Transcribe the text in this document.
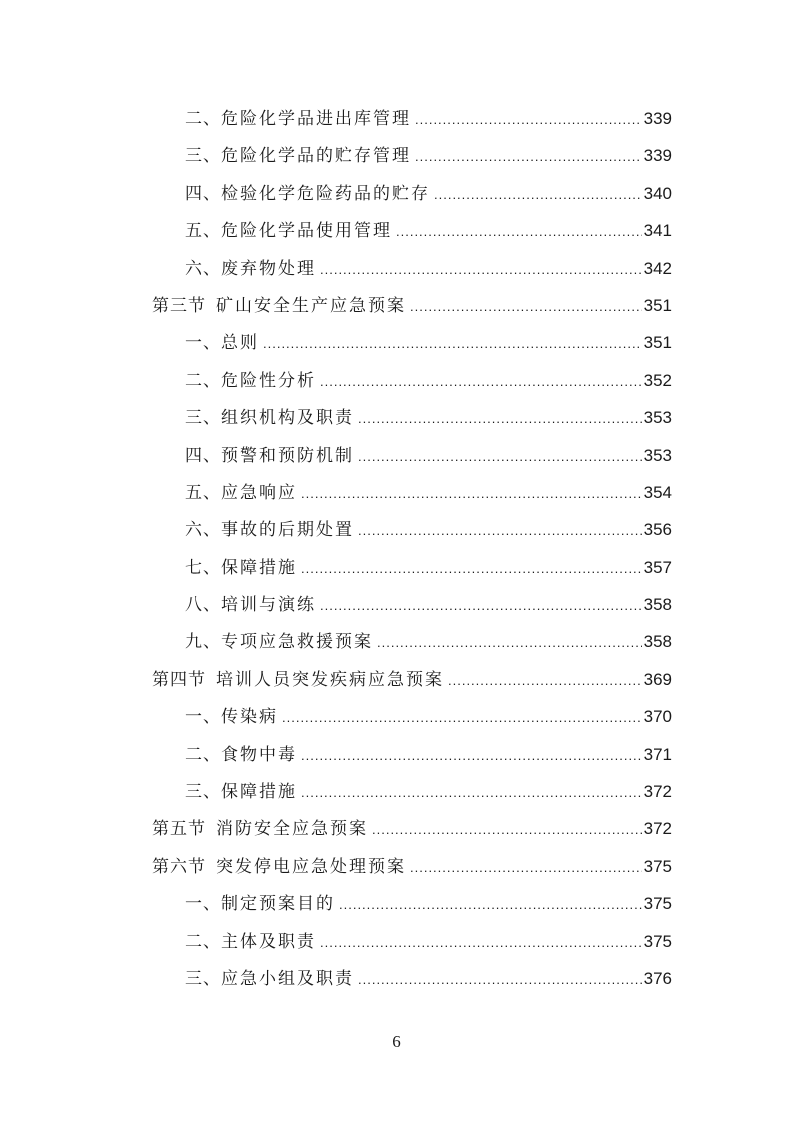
二、 危险化学品进出库管理 .....	339
三、 危险化学品的贮存管理 .....	339
四、 检验化学危险药品的贮存 .....	340
五、 危险化学品使用管理 .....	341
六、 废弃物处理 .....	342
第三节 矿山安全生产应急预案 .....	351
一、 总则 .....	351
二、 危险性分析 .....	352
三、 组织机构及职责 .....	353
四、 预警和预防机制 .....	353
五、 应急响应 .....	354
六、 事故的后期处置 .....	356
七、 保障措施 .....	357
八、 培训与演练 .....	358
九、 专项应急救援预案 .....	358
第四节 培训人员突发疾病应急预案 .....	369
一、 传染病 .....	370
二、 食物中毒 .....	371
三、 保障措施 .....	372
第五节 消防安全应急预案 .....	372
第六节 突发停电应急处理预案 .....	375
一、 制定预案目的 .....	375
二、 主体及职责 .....	375
三、 应急小组及职责 .....	376
6
